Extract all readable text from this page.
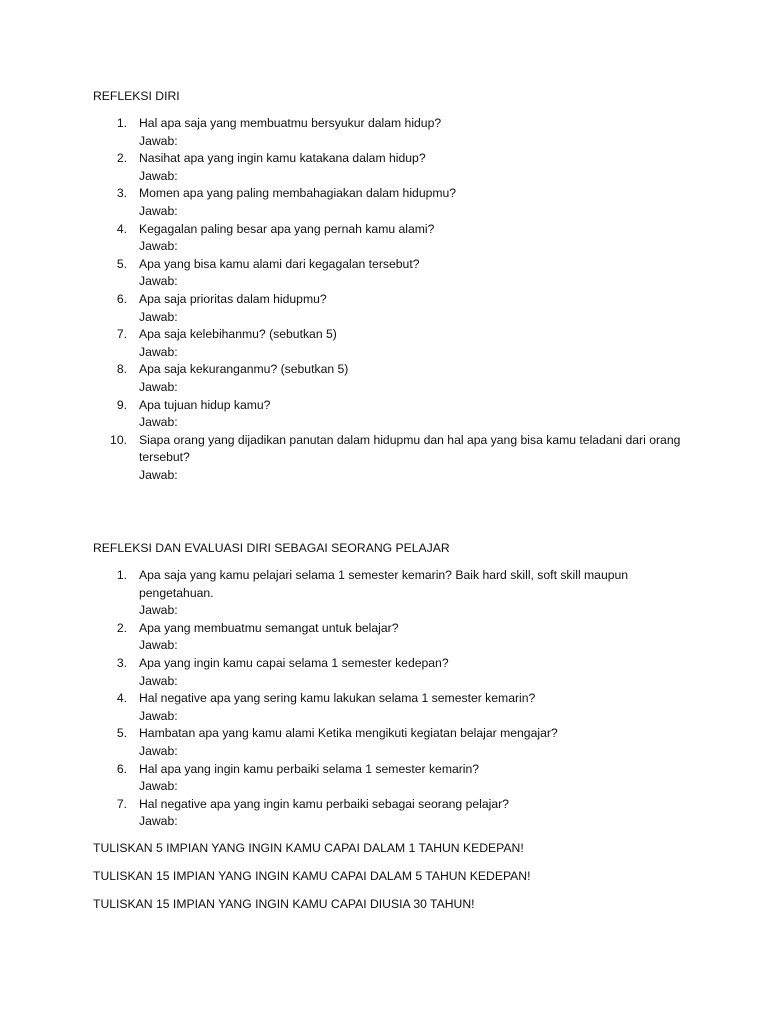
REFLEKSI DIRI
1. Hal apa saja yang membuatmu bersyukur dalam hidup?
Jawab:
2. Nasihat apa yang ingin kamu katakana dalam hidup?
Jawab:
3. Momen apa yang paling membahagiakan dalam hidupmu?
Jawab:
4. Kegagalan paling besar apa yang pernah kamu alami?
Jawab:
5. Apa yang bisa kamu alami dari kegagalan tersebut?
Jawab:
6. Apa saja prioritas dalam hidupmu?
Jawab:
7. Apa saja kelebihanmu? (sebutkan 5)
Jawab:
8. Apa saja kekuranganmu? (sebutkan 5)
Jawab:
9. Apa tujuan hidup kamu?
Jawab:
10. Siapa orang yang dijadikan panutan dalam hidupmu dan hal apa yang bisa kamu teladani dari orang tersebut?
Jawab:
REFLEKSI DAN EVALUASI DIRI SEBAGAI SEORANG PELAJAR
1. Apa saja yang kamu pelajari selama 1 semester kemarin? Baik hard skill, soft skill maupun pengetahuan.
Jawab:
2. Apa yang membuatmu semangat untuk belajar?
Jawab:
3. Apa yang ingin kamu capai selama 1 semester kedepan?
Jawab:
4. Hal negative apa yang sering kamu lakukan selama 1 semester kemarin?
Jawab:
5. Hambatan apa yang kamu alami Ketika mengikuti kegiatan belajar mengajar?
Jawab:
6. Hal apa yang ingin kamu perbaiki selama 1 semester kemarin?
Jawab:
7. Hal negative apa yang ingin kamu perbaiki sebagai seorang pelajar?
Jawab:

TULISKAN 5 IMPIAN YANG INGIN KAMU CAPAI DALAM 1 TAHUN KEDEPAN!

TULISKAN 15 IMPIAN YANG INGIN KAMU CAPAI DALAM 5 TAHUN KEDEPAN!

TULISKAN 15 IMPIAN YANG INGIN KAMU CAPAI DIUSIA 30 TAHUN!
